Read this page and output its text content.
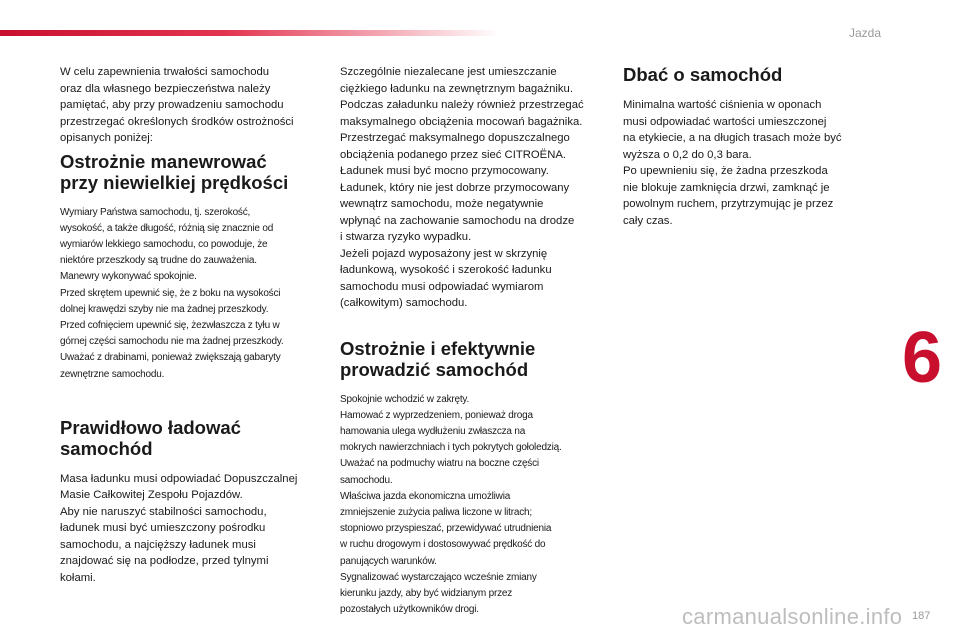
Jazda
6
carmanualsonline.info 187

W celu zapewnienia trwałości samochodu
oraz dla własnego bezpieczeństwa należy
pamiętać, aby przy prowadzeniu samochodu
przestrzegać określonych środków ostrożności
opisanych poniżej:

Ostrożnie manewrować
przy niewielkiej prędkości

Wymiary Państwa samochodu, tj. szerokość,
wysokość, a także długość, różnią się znacznie od
wymiarów lekkiego samochodu, co powoduje, że
niektóre przeszkody są trudne do zauważenia.
Manewry wykonywać spokojnie.
Przed skrętem upewnić się, że z boku na wysokości
dolnej krawędzi szyby nie ma żadnej przeszkody.
Przed cofnięciem upewnić się, żezwłaszcza z tyłu w
górnej części samochodu nie ma żadnej przeszkody.
Uważać z drabinami, ponieważ zwiększają gabaryty
zewnętrzne samochodu.

Prawidłowo ładować
samochód

Masa ładunku musi odpowiadać Dopuszczalnej
Masie Całkowitej Zespołu Pojazdów.
Aby nie naruszyć stabilności samochodu,
ładunek musi być umieszczony pośrodku
samochodu, a najcięższy ładunek musi
znajdować się na podłodze, przed tylnymi
kołami.

Szczególnie niezalecane jest umieszczanie
ciężkiego ładunku na zewnętrznym bagażniku.
Podczas załadunku należy również przestrzegać
maksymalnego obciążenia mocowań bagażnika.
Przestrzegać maksymalnego dopuszczalnego
obciążenia podanego przez sieć CITROËNA.
Ładunek musi być mocno przymocowany.
Ładunek, który nie jest dobrze przymocowany
wewnątrz samochodu, może negatywnie
wpłynąć na zachowanie samochodu na drodze
i stwarza ryzyko wypadku.
Jeżeli pojazd wyposażony jest w skrzynię
ładunkową, wysokość i szerokość ładunku
samochodu musi odpowiadać wymiarom
(całkowitym) samochodu.

Ostrożnie i efektywnie
prowadzić samochód

Spokojnie wchodzić w zakręty.
Hamować z wyprzedzeniem, ponieważ droga
hamowania ulega wydłużeniu zwłaszcza na
mokrych nawierzchniach i tych pokrytych gołoledzią.
Uważać na podmuchy wiatru na boczne części
samochodu.
Właściwa jazda ekonomiczna umożliwia
zmniejszenie zużycia paliwa liczone w litrach;
stopniowo przyspieszać, przewidywać utrudnienia
w ruchu drogowym i dostosowywać prędkość do
panujących warunków.
Sygnalizować wystarczająco wcześnie zmiany
kierunku jazdy, aby być widzianym przez
pozostałych użytkowników drogi.

Dbać o samochód

Minimalna wartość ciśnienia w oponach
musi odpowiadać wartości umieszczonej
na etykiecie, a na długich trasach może być
wyższa o 0,2 do 0,3 bara.
Po upewnieniu się, że żadna przeszkoda
nie blokuje zamknięcia drzwi, zamknąć je
powolnym ruchem, przytrzymując je przez
cały czas.
